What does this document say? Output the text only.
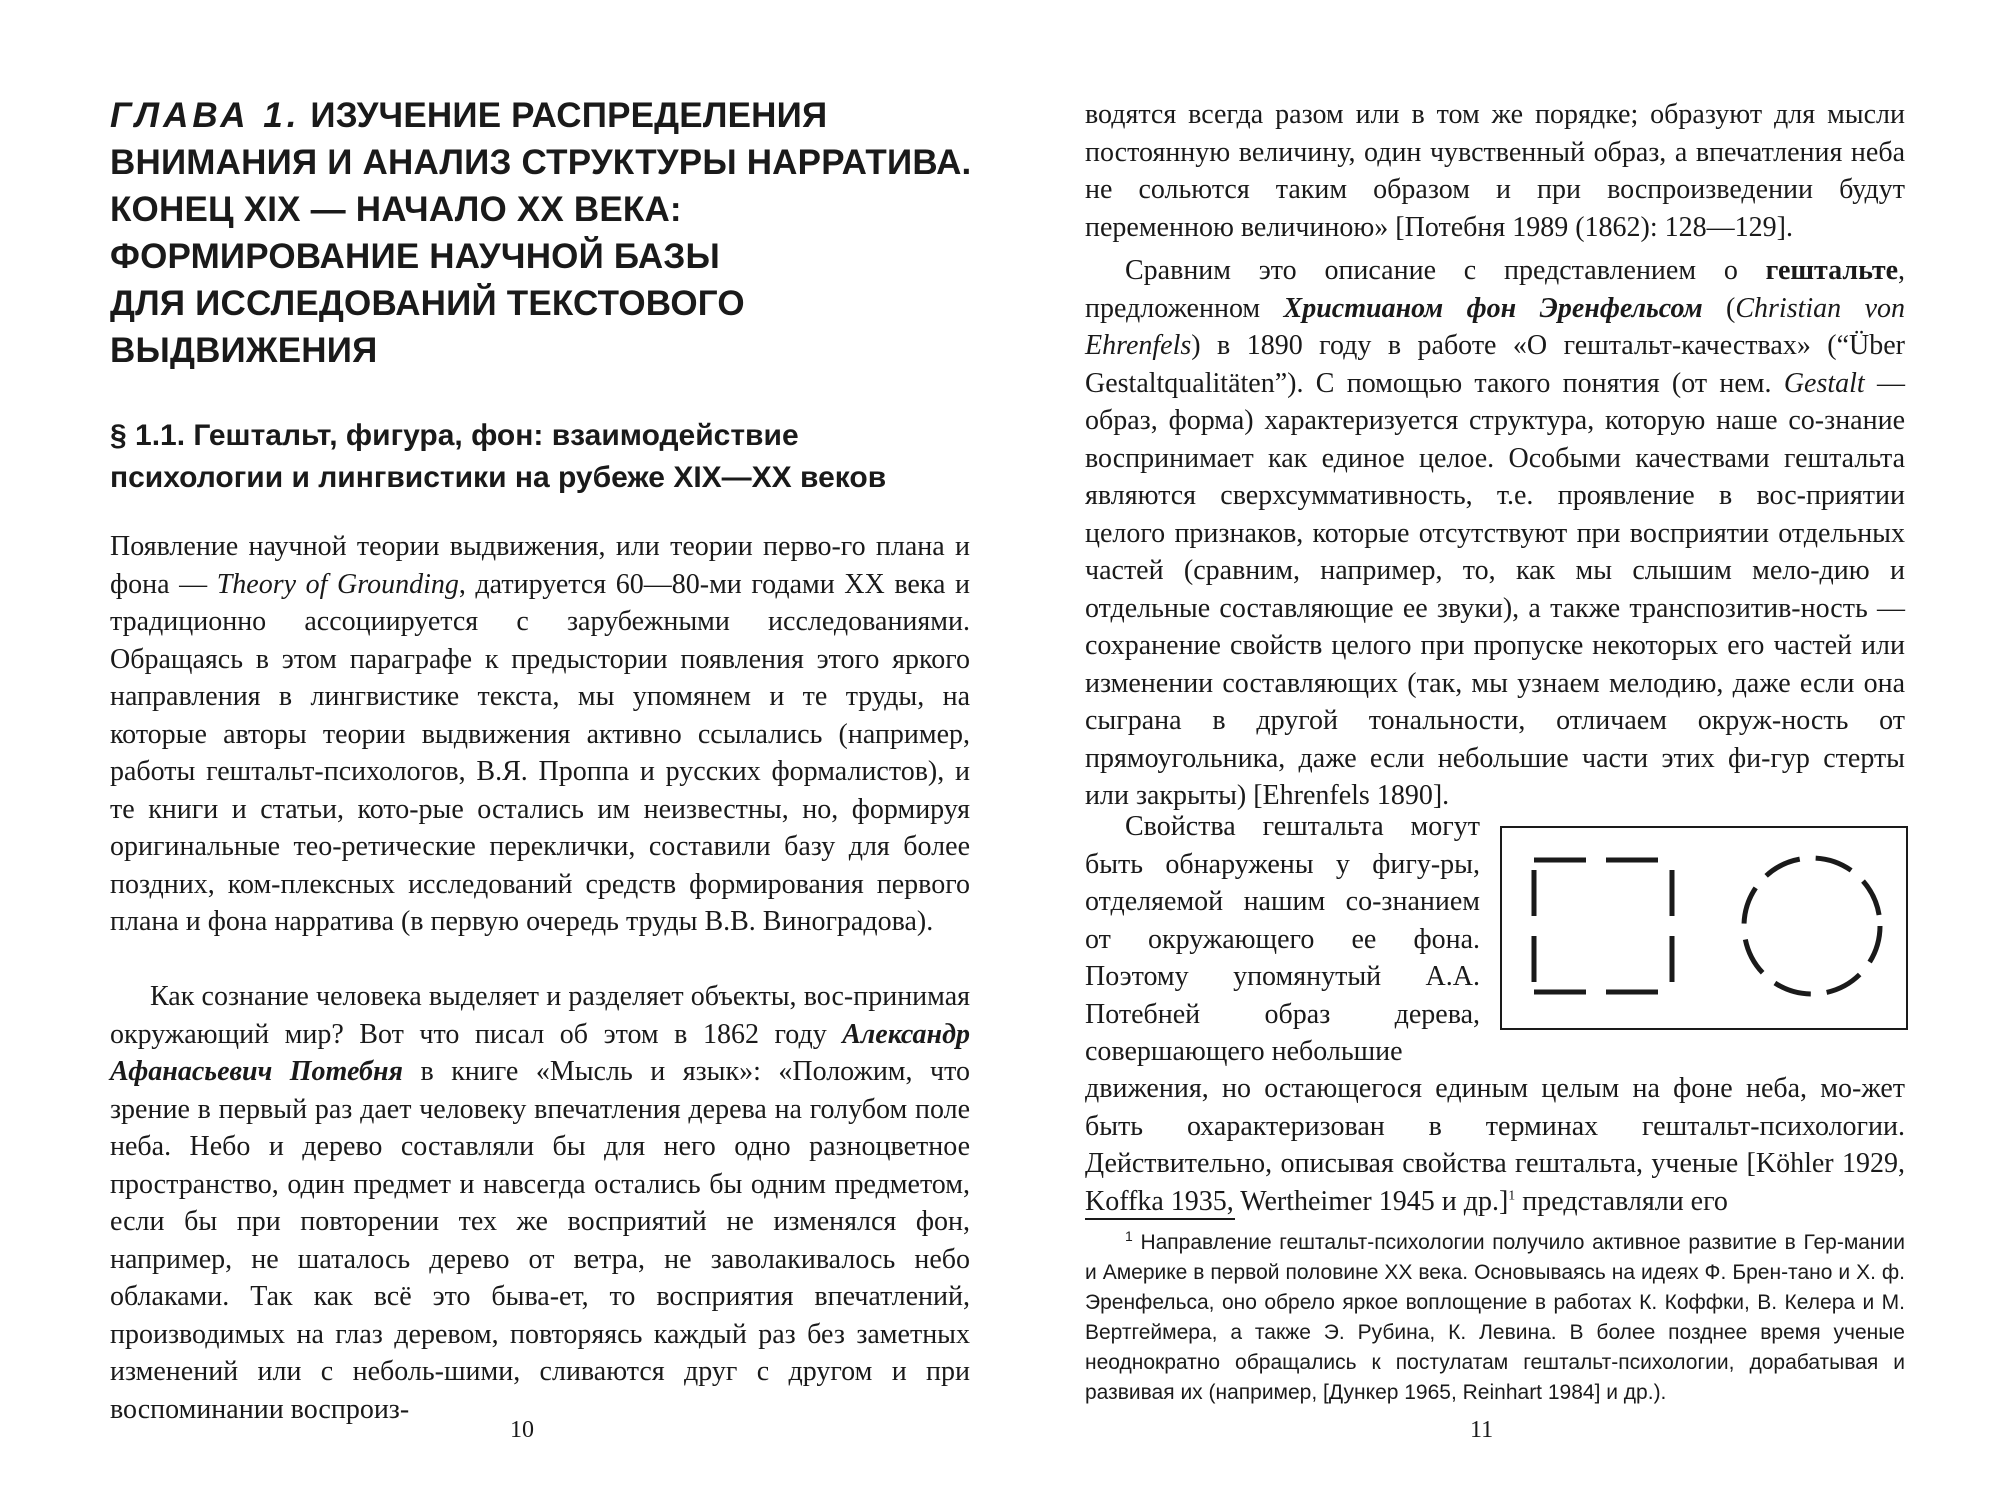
ГЛАВА 1. ИЗУЧЕНИЕ РАСПРЕДЕЛЕНИЯ
ВНИМАНИЯ И АНАЛИЗ СТРУКТУРЫ НАРРАТИВА.
КОНЕЦ XIX — НАЧАЛО XX ВЕКА:
ФОРМИРОВАНИЕ НАУЧНОЙ БАЗЫ
ДЛЯ ИССЛЕДОВАНИЙ ТЕКСТОВОГО ВЫДВИЖЕНИЯ
§ 1.1. Гештальт, фигура, фон: взаимодействие
психологии и лингвистики на рубеже XIX—XX веков

Появление научной теории выдвижения, или теории перво-го плана и фона — Theory of Grounding, датируется 60—80-ми годами XX века и традиционно ассоциируется с зарубежными исследованиями. Обращаясь в этом параграфе к предыстории появления этого яркого направления в лингвистике текста, мы упомянем и те труды, на которые авторы теории выдвижения активно ссылались (например, работы гештальт-психологов, В.Я. Проппа и русских формалистов), и те книги и статьи, кото-рые остались им неизвестны, но, формируя оригинальные тео-ретические переклички, составили базу для более поздних, ком-плексных исследований средств формирования первого плана и фона нарратива (в первую очередь труды В.В. Виноградова).

Как сознание человека выделяет и разделяет объекты, вос-принимая окружающий мир? Вот что писал об этом в 1862 году Александр Афанасьевич Потебня в книге «Мысль и язык»: «Положим, что зрение в первый раз дает человеку впечатления дерева на голубом поле неба. Небо и дерево составляли бы для него одно разноцветное пространство, один предмет и навсегда остались бы одним предметом, если бы при повторении тех же восприятий не изменялся фон, например, не шаталось дерево от ветра, не заволакивалось небо облаками. Так как всё это быва-ет, то восприятия впечатлений, производимых на глаз деревом, повторяясь каждый раз без заметных изменений или с неболь-шими, сливаются друг с другом и при воспоминании воспроиз-

10

водятся всегда разом или в том же порядке; образуют для мысли постоянную величину, один чувственный образ, а впечатления неба не сольются таким образом и при воспроизведении будут переменною величиною» [Потебня 1989 (1862): 128—129].

Сравним это описание с представлением о гештальте, предложенном Христианом фон Эренфельсом (Christian von Ehrenfels) в 1890 году в работе «О гештальт-качествах» (“Über Gestaltqualitäten”). С помощью такого понятия (от нем. Gestalt — образ, форма) характеризуется структура, которую наше со-знание воспринимает как единое целое. Особыми качествами гештальта являются сверхсуммативность, т.е. проявление в вос-приятии целого признаков, которые отсутствуют при восприятии отдельных частей (сравним, например, то, как мы слышим мело-дию и отдельные составляющие ее звуки), а также транспозитив-ность — сохранение свойств целого при пропуске некоторых его частей или изменении составляющих (так, мы узнаем мелодию, даже если она сыграна в другой тональности, отличаем окруж-ность от прямоугольника, даже если небольшие части этих фи-гур стерты или закрыты) [Ehrenfels 1890].

Свойства гештальта могут быть обнаружены у фигу-ры, отделяемой нашим со-знанием от окружающего ее фона. Поэтому упомянутый А.А. Потебней образ дерева, совершающего небольшие

движения, но остающегося единым целым на фоне неба, мо-жет быть охарактеризован в терминах гештальт-психологии. Действительно, описывая свойства гештальта, ученые [Köhler 1929, Koffka 1935, Wertheimer 1945 и др.]$^1$ представляли его

$^1$ Направление гештальт-психологии получило активное развитие в Гер-мании и Америке в первой половине XX века. Основываясь на идеях Ф. Брен-тано и Х. ф. Эренфельса, оно обрело яркое воплощение в работах К. Коффки, В. Келера и М. Вертгеймера, а также Э. Рубина, К. Левина. В более позднее время ученые неоднократно обращались к постулатам гештальт-психологии, дорабатывая и развивая их (например, [Дункер 1965, Reinhart 1984] и др.).

11
